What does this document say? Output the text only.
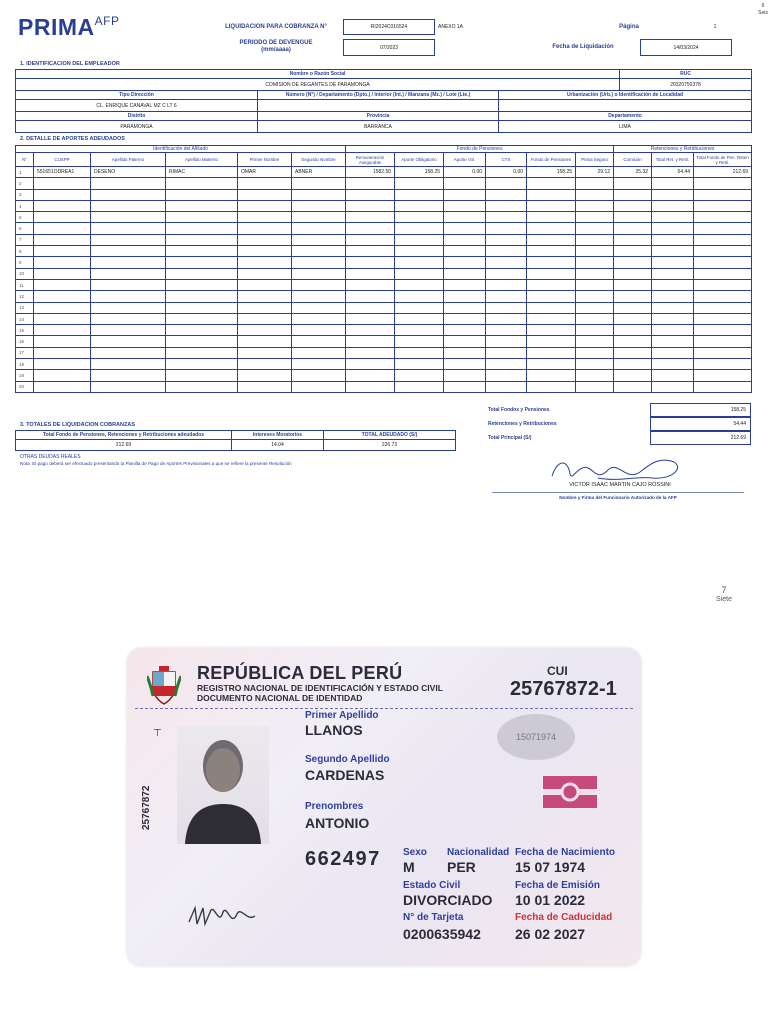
6
Seis
$PRIMA^{AFP}$	LIQUIDACION PARA COBRANZA N°	RI2024C016524	ANEXO 1A	Página	1
PERIODO DE DEVENGUE
(mm/aaaa)	07/2023	Fecha de Liquidación	14/03/2024
1. IDENTIFICACION DEL EMPLEADOR
Nombre o Razón Social			RUC
COMISION DE REGANTES DE PARAMONGA			20320750378
Tipo Dirección	Número (N°) / Departamento (Dpto.) / Interior (Int.) / Manzana (Mz.) / Lote (Lte.)	Urbanización (Urb.) o Identificación de Localidad	
CL. ENRIQUE CANAVAL MZ C LT 6			
Distrito	Provincia	Departamento	
PARAMONGA	BARRANCA	LIMA	
2. DETALLE DE APORTES ADEUDADOS
Identificación del Afiliado						Fondo de Pensiones						Retenciones y Retribuciones		
N°	CUSPP	Apellido Paterno	Apellido Materno	Primer Nombre	Segundo Nombre	Remuneración Asegurable	Aporte Obligatorio	Aporte Vol.	CTS	Fondo de Pensiones	Prima Seguro	Comisión	Total Ret. y Retri.	Total Fondo de Pen. Reten y Retri.
1	551651ODREA1	DESENO	RIMAC	OMAR	ABNER	1582.50	158.25	0.00	0.00	158.25	29.12	25.32	54.44	212.69
2														
3														
4														
5														
6														
7														
8														
9														
10														
11														
12														
13														
14														
15														
16														
17														
18														
19														
20														
Total Fondos y Pensiones	158.25
Retenciones y Retribuciones	54.44
Total Principal (S/)	212.69
3. TOTALES DE LIQUIDACION COBRANZAS
Total Fondo de Pensiones, Retenciones y Retribuciones adeudados	Intereses Moratorios	TOTAL ADEUDADO (S/)
212.69	14.04	226.73
OTRAS DEUDAS REALES
Nota: El pago deberá ser efectuado presentando la Planilla de Pago de Aportes Previsionales a que se refiere la presente Resolución
VICTOR ISAAC MARTIN CAJO ROSSINI
Nombre y Firma del Funcionario Autorizado de la AFP
7
Siete
REPÚBLICA DEL PERÚ
REGISTRO NACIONAL DE IDENTIFICACIÓN Y ESTADO CIVIL
DOCUMENTO NACIONAL DE IDENTIDAD
CUI
25767872-1
25767872
⊤
Primer Apellido
LLANOS
Segundo Apellido
CARDENAS
Prenombres
ANTONIO
15071974
662497 Sexo
M
Nacionalidad
PER
Fecha de Nacimiento
15 07 1974
Estado Civil
DIVORCIADO
Fecha de Emisión
10 01 2022
N° de Tarjeta
0200635942
Fecha de Caducidad
26 02 2027
